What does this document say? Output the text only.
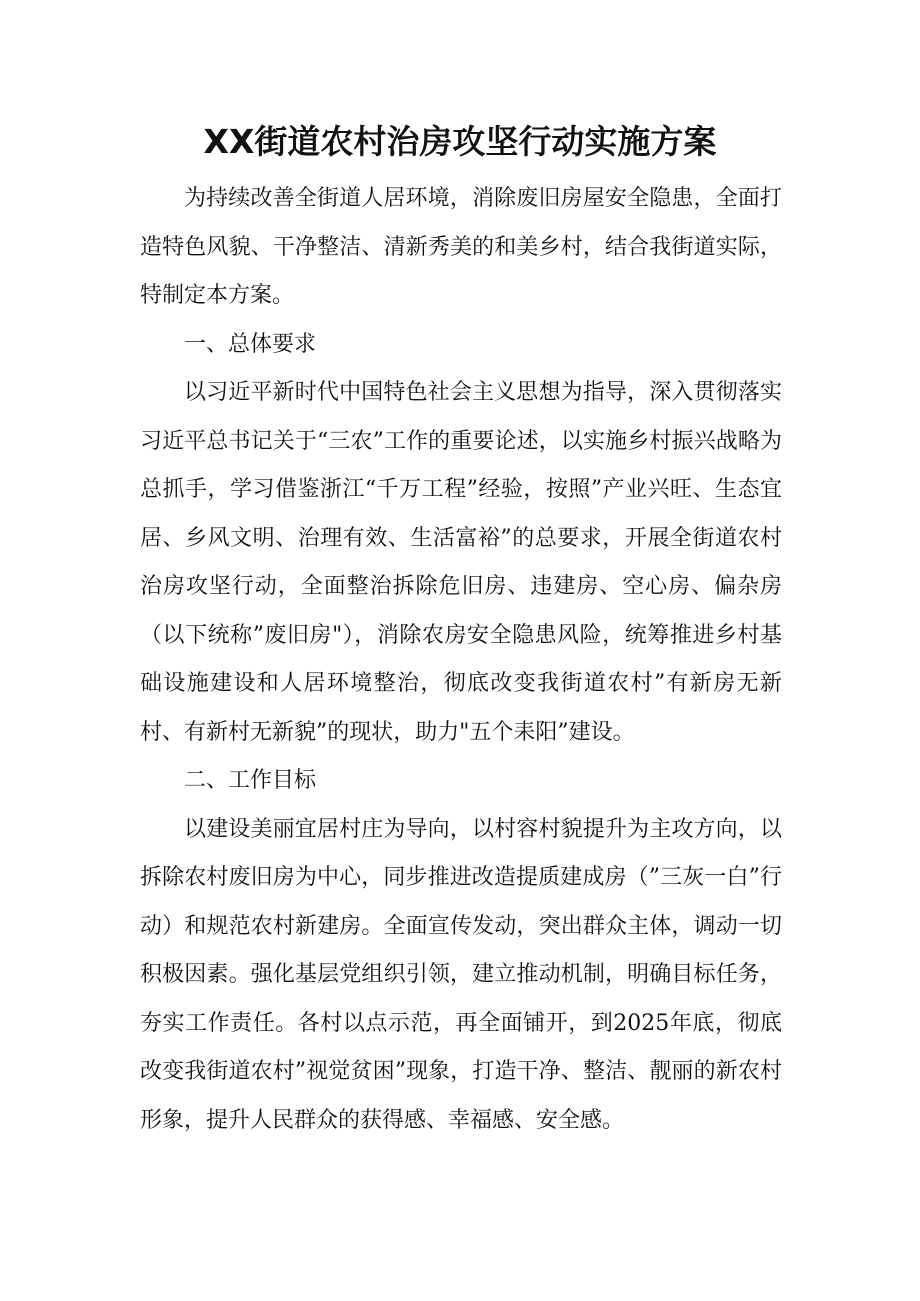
XX街道农村治房攻坚行动实施方案

为持续改善全街道人居环境，消除废旧房屋安全隐患，全面打造特色风貌、干净整洁、清新秀美的和美乡村，结合我街道实际，特制定本方案。

一、总体要求

以习近平新时代中国特色社会主义思想为指导，深入贯彻落实习近平总书记关于“三农”工作的重要论述，以实施乡村振兴战略为总抓手，学习借鉴浙江“千万工程”经验，按照”产业兴旺、生态宜居、乡风文明、治理有效、生活富裕”的总要求，开展全街道农村治房攻坚行动，全面整治拆除危旧房、违建房、空心房、偏杂房（以下统称”废旧房"），消除农房安全隐患风险，统筹推进乡村基础设施建设和人居环境整治，彻底改变我街道农村”有新房无新村、有新村无新貌”的现状，助力"五个耒阳”建设。

二、工作目标

以建设美丽宜居村庄为导向，以村容村貌提升为主攻方向，以拆除农村废旧房为中心，同步推进改造提质建成房（”三灰一白”行动）和规范农村新建房。全面宣传发动，突出群众主体，调动一切积极因素。强化基层党组织引领，建立推动机制，明确目标任务，夯实工作责任。各村以点示范，再全面铺开，到2025年底，彻底改变我街道农村”视觉贫困”现象，打造干净、整洁、靓丽的新农村形象，提升人民群众的获得感、幸福感、安全感。
